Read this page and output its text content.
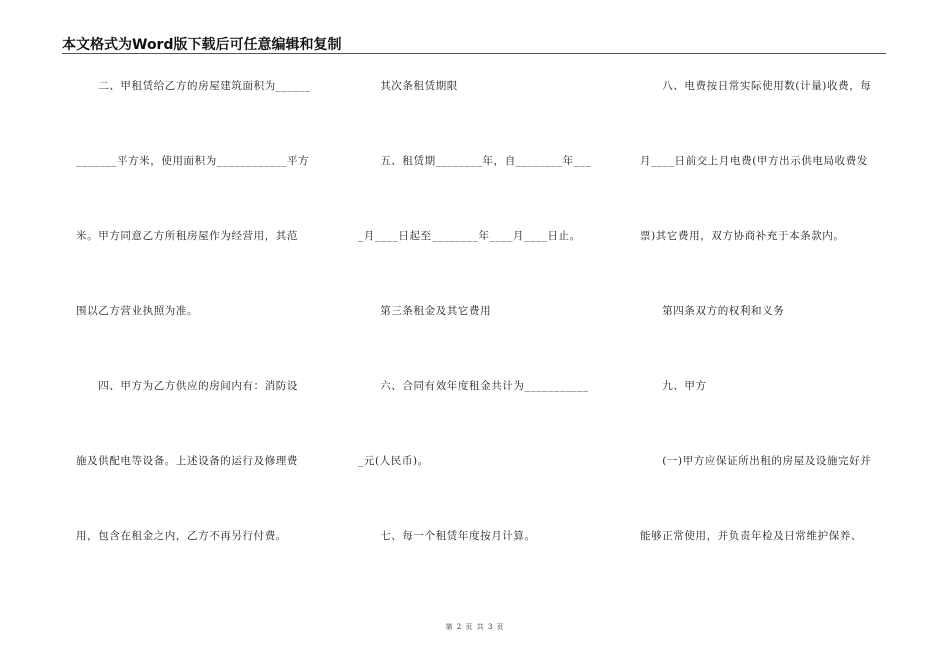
本文格式为Word版下载后可任意编辑和复制
　　二、甲租赁给乙方的房屋建筑面积为______
_______平方米，使用面积为____________平方
米。甲方同意乙方所租房屋作为经营用，其范
围以乙方营业执照为准。
　　四、甲方为乙方供应的房间内有：消防设
施及供配电等设备。上述设备的运行及修理费
用，包含在租金之内，乙方不再另行付费。
　　其次条租赁期限
　　五、租赁期________年，自________年___
_月____日起至________年____月____日止。
　　第三条租金及其它费用
　　六、合同有效年度租金共计为___________
_元(人民币)。
　　七、每一个租赁年度按月计算。
　　八、电费按日常实际使用数(计量)收费，每
月____日前交上月电费(甲方出示供电局收费发
票)其它费用，双方协商补充于本条款内。
　　第四条双方的权利和义务
　　九、甲方
　　(一)甲方应保证所出租的房屋及设施完好并
能够正常使用，并负责年检及日常维护保养、
第 2 页 共 3 页
